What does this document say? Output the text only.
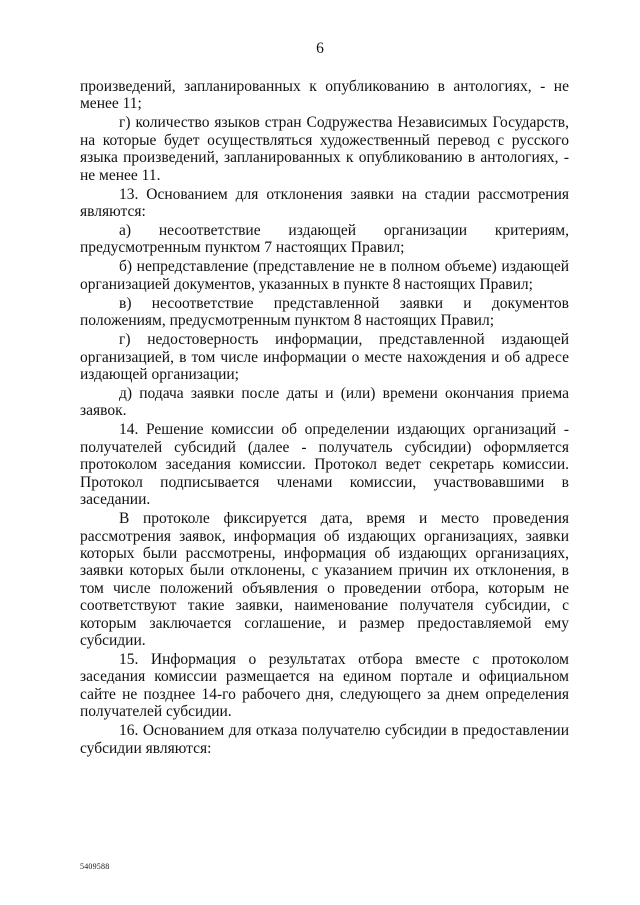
6

произведений, запланированных к опубликованию в антологиях, - не менее 11;

г) количество языков стран Содружества Независимых Государств, на которые будет осуществляться художественный перевод с русского языка произведений, запланированных к опубликованию в антологиях, - не менее 11.

13. Основанием для отклонения заявки на стадии рассмотрения являются:

а) несоответствие издающей организации критериям, предусмотренным пунктом 7 настоящих Правил;

б) непредставление (представление не в полном объеме) издающей организацией документов, указанных в пункте 8 настоящих Правил;

в) несоответствие представленной заявки и документов положениям, предусмотренным пунктом 8 настоящих Правил;

г) недостоверность информации, представленной издающей организацией, в том числе информации о месте нахождения и об адресе издающей организации;

д) подача заявки после даты и (или) времени окончания приема заявок.

14. Решение комиссии об определении издающих организаций - получателей субсидий (далее - получатель субсидии) оформляется протоколом заседания комиссии. Протокол ведет секретарь комиссии. Протокол подписывается членами комиссии, участвовавшими в заседании.

В протоколе фиксируется дата, время и место проведения рассмотрения заявок, информация об издающих организациях, заявки которых были рассмотрены, информация об издающих организациях, заявки которых были отклонены, с указанием причин их отклонения, в том числе положений объявления о проведении отбора, которым не соответствуют такие заявки, наименование получателя субсидии, с которым заключается соглашение, и размер предоставляемой ему субсидии.

15. Информация о результатах отбора вместе с протоколом заседания комиссии размещается на едином портале и официальном сайте не позднее 14-го рабочего дня, следующего за днем определения получателей субсидии.

16. Основанием для отказа получателю субсидии в предоставлении субсидии являются:

5409588
